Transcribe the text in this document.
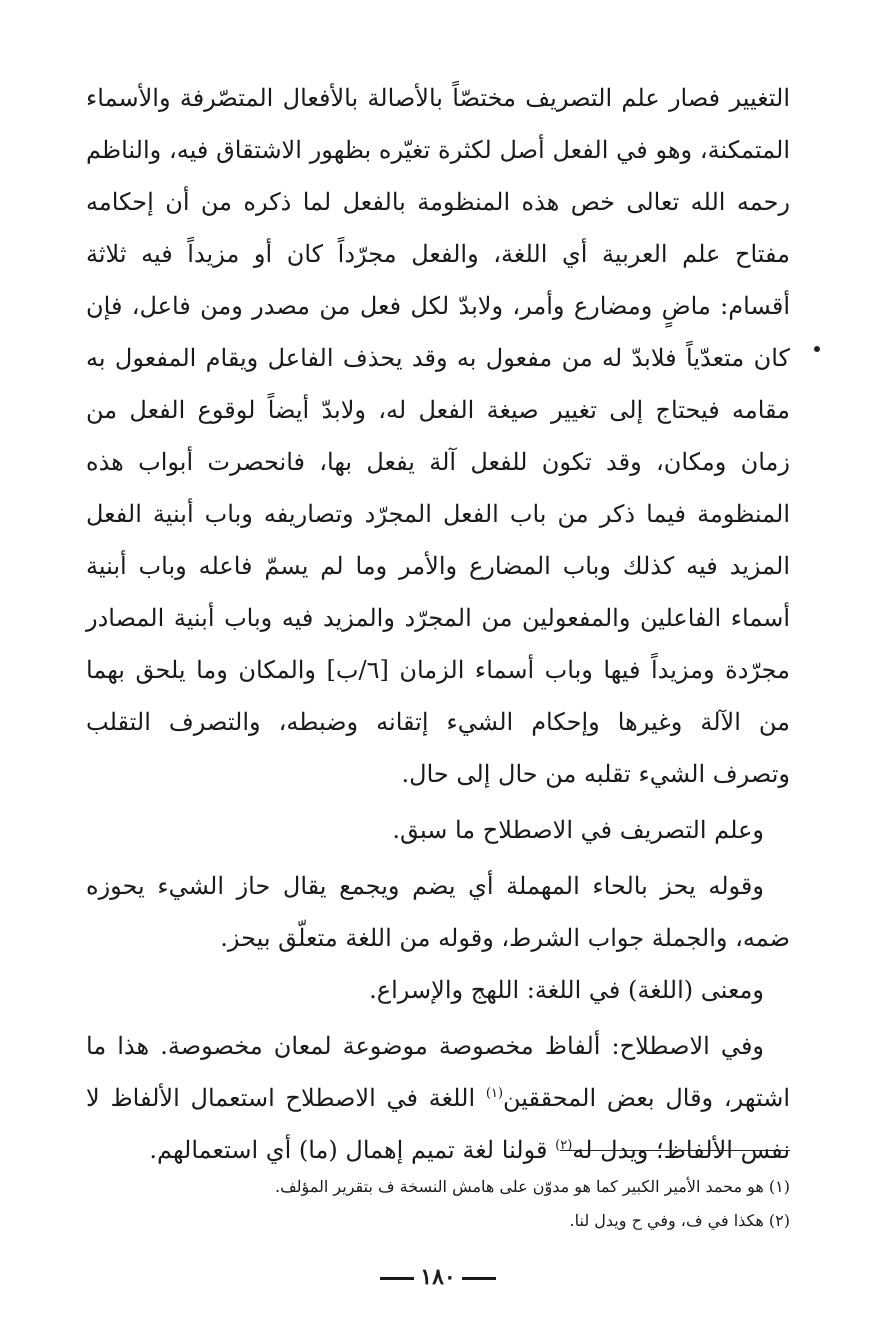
التغيير فصار علم التصريف مختصّاً بالأصالة بالأفعال المتصّرفة والأسماء المتمكنة، وهو في الفعل أصل لكثرة تغيّره بظهور الاشتقاق فيه، والناظم رحمه الله تعالى خص هذه المنظومة بالفعل لما ذكره من أن إحكامه مفتاح علم العربية أي اللغة، والفعل مجرّداً كان أو مزيداً فيه ثلاثة أقسام: ماضٍ ومضارع وأمر، ولابدّ لكل فعل من مصدر ومن فاعل، فإن كان متعدّياً فلابدّ له من مفعول به وقد يحذف الفاعل ويقام المفعول به مقامه فيحتاج إلى تغيير صيغة الفعل له، ولابدّ أيضاً لوقوع الفعل من زمان ومكان، وقد تكون للفعل آلة يفعل بها، فانحصرت أبواب هذه المنظومة فيما ذكر من باب الفعل المجرّد وتصاريفه وباب أبنية الفعل المزيد فيه كذلك وباب المضارع والأمر وما لم يسمّ فاعله وباب أبنية أسماء الفاعلين والمفعولين من المجرّد والمزيد فيه وباب أبنية المصادر مجرّدة ومزيداً فيها وباب أسماء الزمان [٦/ب] والمكان وما يلحق بهما من الآلة وغيرها وإحكام الشيء إتقانه وضبطه، والتصرف التقلب وتصرف الشيء تقلبه من حال إلى حال.

وعلم التصريف في الاصطلاح ما سبق.

وقوله يحز بالحاء المهملة أي يضم ويجمع يقال حاز الشيء يحوزه ضمه، والجملة جواب الشرط، وقوله من اللغة متعلّق بيحز.

ومعنى (اللغة) في اللغة: اللهج والإسراع.

وفي الاصطلاح: ألفاظ مخصوصة موضوعة لمعان مخصوصة. هذا ما اشتهر، وقال بعض المحققين$^{(١)}$ اللغة في الاصطلاح استعمال الألفاظ لا نفس الألفاظ؛ ويدل له$^{(٢)}$ قولنا لغة تميم إهمال (ما) أي استعمالهم.

(١) هو محمد الأمير الكبير كما هو مدوّن على هامش النسخة ف بتقرير المؤلف.

(٢) هكذا في ف، وفي ح ويدل لنا.

١٨٠
